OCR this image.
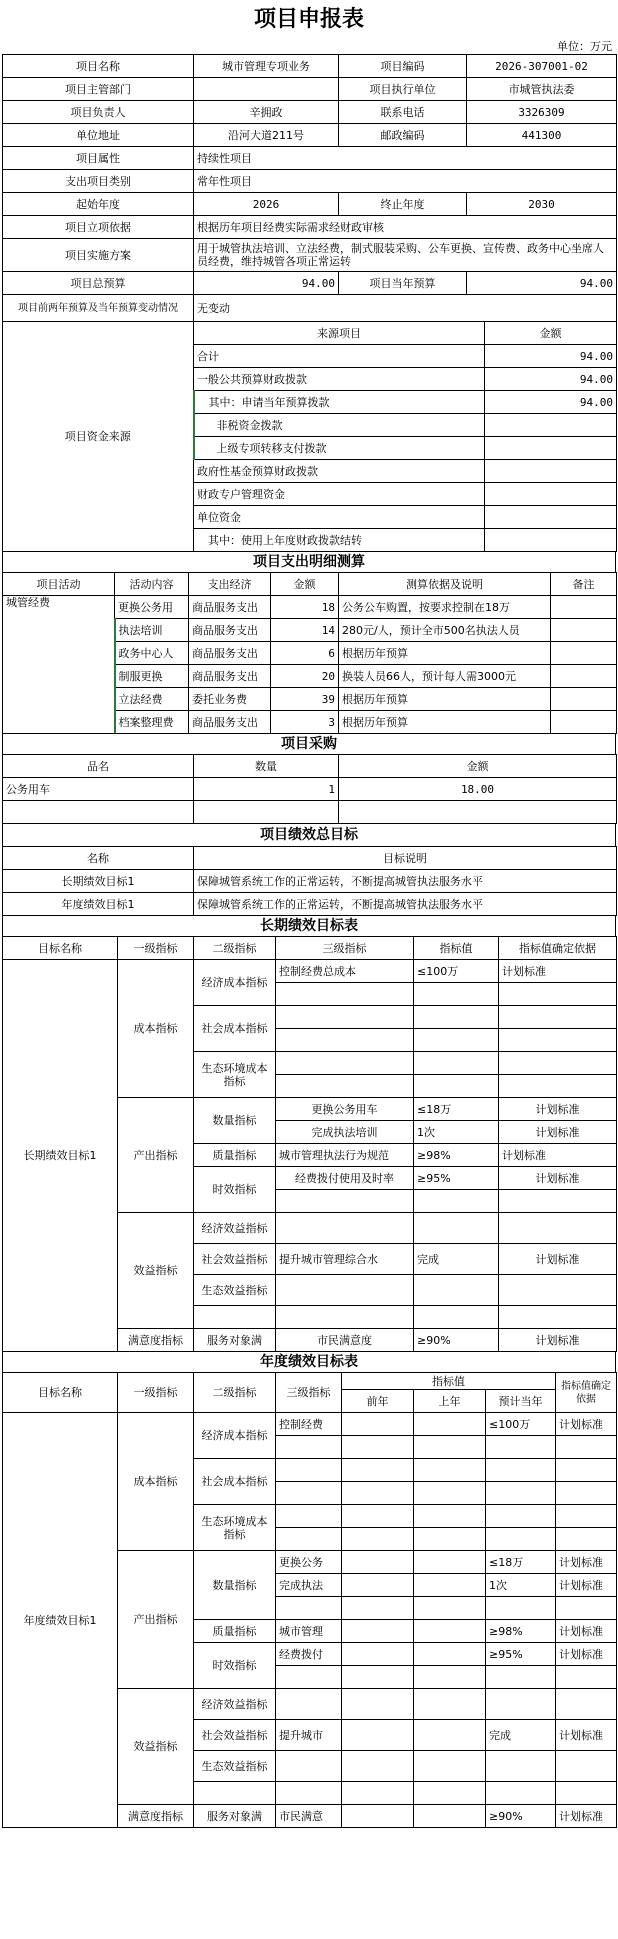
项目申报表
单位：万元
项目名称	城市管理专项业务	项目编码	2026-307001-02
项目主管部门		项目执行单位	市城管执法委
项目负责人	辛拥政	联系电话	3326309
单位地址	沿河大道211号	邮政编码	441300
项目属性	持续性项目		
支出项目类别	常年性项目		
起始年度	2026	终止年度	2030
项目立项依据	根据历年项目经费实际需求经财政审核		
项目实施方案	用于城管执法培训、立法经费，制式服装采购、公车更换、宣传费、政务中心坐席人员经费，维持城管各项正常运转		
项目总预算	94.00	项目当年预算	94.00
项目前两年预算及当年预算变动情况	无变动		
项目资金来源	来源项目	金额
	合计	94.00
	一般公共预算财政拨款	94.00
	其中：申请当年预算拨款	94.00
	非税资金拨款	
	上级专项转移支付拨款	
	政府性基金预算财政拨款	
	财政专户管理资金	
	单位资金	
	其中：使用上年度财政拨款结转	
项目支出明细测算
项目活动	活动内容	支出经济	金额	测算依据及说明	备注
城管经费	更换公务用	商品服务支出	18	公务公车购置，按要求控制在18万	
	执法培训	商品服务支出	14	280元/人，预计全市500名执法人员	
	政务中心人	商品服务支出	6	根据历年预算	
	制服更换	商品服务支出	20	换装人员66人，预计每人需3000元	
	立法经费	委托业务费	39	根据历年预算	
	档案整理费	商品服务支出	3	根据历年预算	
项目采购
品名	数量	金额
公务用车	1	18.00

项目绩效总目标
名称	目标说明
长期绩效目标1	保障城管系统工作的正常运转，不断提高城管执法服务水平
年度绩效目标1	保障城管系统工作的正常运转，不断提高城管执法服务水平
长期绩效目标表
目标名称	一级指标	二级指标	三级指标	指标值	指标值确定依据
长期绩效目标1	成本指标	经济成本指标	控制经费总成本	≤100万	计划标准

		社会成本指标			

		生态环境成本指标			

	产出指标	数量指标	更换公务用车	≤18万	计划标准
			完成执法培训	1次	计划标准
		质量指标	城市管理执法行为规范	≥98%	计划标准
		时效指标	经费拨付使用及时率	≥95%	计划标准

	效益指标	经济效益指标			
		社会效益指标	提升城市管理综合水	完成	计划标准
		生态效益指标			

	满意度指标	服务对象满	市民满意度	≥90%	计划标准
年度绩效目标表
目标名称	一级指标	二级指标	三级指标	指标值			指标值确定依据
				前年	上年	预计当年	
年度绩效目标1	成本指标	经济成本指标	控制经费			≤100万	计划标准

		社会成本指标					

		生态环境成本指标					

	产出指标	数量指标	更换公务			≤18万	计划标准
			完成执法			1次	计划标准

		质量指标	城市管理			≥98%	计划标准
		时效指标	经费拨付			≥95%	计划标准

	效益指标	经济效益指标					
		社会效益指标	提升城市			完成	计划标准
		生态效益指标					

	满意度指标	服务对象满	市民满意			≥90%	计划标准
